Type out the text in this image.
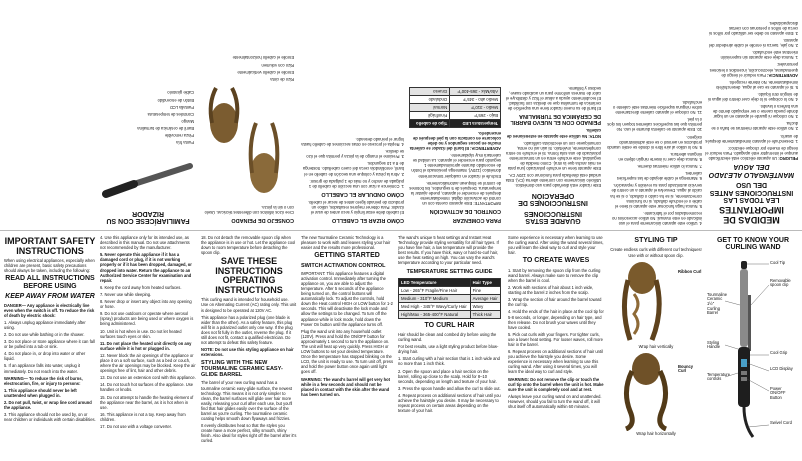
MEDIDAS DE IMPORTANTES
LEA TODAS LAS INSTRUCCIONES ANTES DEL USO
MANTÉNGALO ALEJADO DEL AGUA

PELIGRO: Un aparato eléctrico está electrificado aunque el interruptor esté apagado. Para reducir el riesgo de muerte por choque eléctrico:

1. Desenchufe el aparato inmediatamente después de usarlo.

2. No utilice este aparato mientras se baña o se ducha.

3. No coloque ni guarde el aparato en un lugar donde pueda caerse o ser empujado dentro de una bañera o lavabo.

4. No lo coloque ni lo deje caer dentro del agua ni de ningún otro líquido.

5. Si el aparato se cae al agua, desenchúfelo inmediatamente. No intente recogerlo.

ADVERTENCIA: Para reducir el riesgo de quemaduras, electrocución, incendios o lesiones personales:

1. Nunca deje este aparato sin supervisión mientras esté enchufado.

2. No jale, tuerza ni enrolle el cable alrededor del aparato.

3. Este aparato no debe ser utilizado por niños ni cerca de niños o personas con ciertas discapacidades.

4. Utilice este aparato únicamente para el uso indicado en este manual. No utilice accesorios no recomendados por el fabricante.

5. Nunca haga funcionar este aparato si tiene el cable o el enchufe dañado, si no funciona correctamente, si se ha caído o dañado, o si se ha caído al agua. Devuelva el aparato a un centro de servicio autorizado para su revisión y reparación.

6. Mantenga el cable alejado de las superficies calientes.

7. Nunca lo utilice mientras duerme.

8. Nunca deje caer ni inserte ningún objeto en ninguna abertura.

9. No lo utilice al aire libre ni donde se estén usando productos en aerosol o se esté administrando oxígeno.

10. Este aparato se calienta durante el uso. No permita que las superficies calientes toquen los ojos o la piel.

11. No coloque el aparato caliente directamente sobre ninguna superficie mientras esté caliente o enchufado.

GUARDE ESTAS INSTRUCCIONES
INSTRUCCIONES DE OPERACIÓN

Este rizador está diseñado para uso doméstico. Utilícelo únicamente con corriente alterna (CA). Esta unidad está diseñada para funcionar con 120V CA.

Este aparato tiene un enchufe polarizado (una pata es más ancha que la otra). Como medida de seguridad, este enchufe entra en un tomacorriente polarizado de una sola forma. Si el enchufe no entra completamente, inviértalo. Si aún así no entra, comuníquese con un electricista calificado.

NOTA: No utilice este aparato en extensiones de cabello.

PEINADO CON EL NUEVO BARRIL DE CERÁMICA DE TURMALINA

El barril de su nuevo rizador tiene una superficie de cerámica de turmalina que se desliza con facilidad. El recubrimiento ayuda a alisar el frizz y distribuye el calor de manera uniforme para un acabado suave, sedoso y brillante.

PARA COMENZAR
CONTROL DE ACTIVACIÓN

IMPORTANTE: Este aparato cuenta con un control de activación digital. Inmediatamente después de encender el aparato, puede ajustar la temperatura. Después de 5 segundos, los botones de control se bloquean automáticamente.

Enchufe el rizador en cualquier tomacorriente doméstico (120V). Mantenga presionado el botón de encendido durante aproximadamente 1 segundo para encender el aparato. La unidad se calentará muy rápidamente.

ADVERTENCIA: El barril del rizador se calienta mucho en pocos segundos y no debe colocarse en contacto con la piel después de encenderlo.

Temperatura LED	Tipo de cabello
Bajo - 265°F	Fino/frágil
Medio - 310°F	Normal
Medio alto - 345°F	Ondulado
Alto/Máx - 365-400°F	Grueso
CÓMO RIZAR EL CABELLO

El cabello debe estar limpio y seco antes de usar el rizador. Para obtener mejores resultados, utilice un producto de peinado ligero antes de secar el cabello.

CÓMO ONDULAR EL CABELLO

1. Comience a rizar con una sección de cabello de 1 pulgada de ancho y no más de 1 pulgada de grosor.

2. Abra la pinza y coloque una sección de cabello en el barril, enrollándola cerca del cuero cabelludo. Sostenga de 8 a 10 segundos.

3. Presione el mango de la pinza y permita que el rizo se deslice.

4. Repita el proceso en otras secciones de cabello hasta lograr el peinado deseado.

CONSEJO DE PEINADO

Cree rizos infinitos con diferentes técnicas. Úselo con o sin la pinza.

Rizo de cinta

Enrolle el cabello verticalmente

Rizo con volumen

Enrolle el cabello horizontalmente

FAMILIARÍCESE CON SU RIZADOR

Punta fría

Pinza removible

Barril de cerámica de turmalina

Mango

Controles de temperatura

Pantalla LCD

Botón de encendido

Cable giratorio

IMPORTANT SAFETY INSTRUCTIONS

When using electrical appliances, especially when children are present, basic safety precautions should always be taken, including the following:

READ ALL INSTRUCTIONS BEFORE USING
KEEP AWAY FROM WATER

DANGER— Any appliance is electrically live even when the switch is off. To reduce the risk of death by electric shock:

1. Always unplug appliance immediately after using.

2. Do not use while bathing or in the shower.

3. Do not place or store appliance where it can fall or be pulled into a tub or sink.

4. Do not place in, or drop into water or other liquid.

5. If an appliance falls into water, unplug it immediately. Do not reach into the water.

WARNING— To reduce the risk of burns, electrocution, fire, or injury to persons:

1. This appliance should never be left unattended when plugged in.

2. Do not pull, twist, or wrap line cord around the appliance.

3. This appliance should not be used by, on or near children or individuals with certain disabilities.

4. Use this appliance only for its intended use, as described in this manual. Do not use attachments not recommended by the manufacturer.

5. Never operate this appliance if it has a damaged cord or plug, if it is not working properly or if it has been dropped, damaged, or dropped into water. Return the appliance to an Authorized Service Center for examination and repair.

6. Keep the cord away from heated surfaces.

7. Never use while sleeping.

8. Never drop or insert any object into any opening or hose.

9. Do not use outdoors or operate where aerosol (spray) products are being used or where oxygen is being administered.

10. Unit is hot when in use. Do not let heated surfaces touch eyes or skin.

11. Do not place the heated unit directly on any surface while it is hot or plugged in.

12. Never block the air openings of the appliance or place it on a soft surface, such as a bed or couch, where the air openings may be blocked. Keep the air openings free of lint, hair and other debris.

13. Do not use an extension cord with this appliance.

14. Do not touch hot surfaces of the appliance. Use handles or knobs.

15. Do not attempt to handle the heating element of the appliance near the barrel, as it is hot when in use.

16. This appliance is not a toy. Keep away from children.

17. Do not use with a voltage converter.

18. Do not detach the removable spoon clip when the appliance is in use or hot. Let the appliance cool down to room temperature before detaching the spoon clip.

SAVE THESE INSTRUCTIONS OPERATING INSTRUCTIONS

This curling wand is intended for household use. Use on Alternating Current (AC) rating only. This unit is designed to be operated at 120V AC.

This appliance has a polarized plug (one blade is wider than the other). As a safety feature, this plug will fit in a polarized outlet only one way. If the plug does not fit fully in the outlet, reverse the plug. If it still does not fit, contact a qualified electrician. Do not attempt to defeat this safety feature.

NOTE: Do not use this styling appliance on hair extensions.

STYLING WITH THE NEW TOURMALINE CERAMIC EASY-GLIDE BARREL

The barrel of your new curling wand has a tourmaline ceramic easy-glide surface, the newest technology. This means it is not only simpler to clean, the barrel surfaces will glide over hair more easily, releasing your curl after each use, but you'll find that hair glides easily over the surface of the barrel as you're curling. The tourmaline ceramic coating helps smooth down flyaways and frizzies.

It evenly distributes heat so that the styles you create have a more perfect, silky smooth, shiny finish. Also ideal for styles right off the barrel after it's curled.

The new Tourmaline Ceramic Technology is a pleasure to work with and leaves styling your hair easier and the results more professional.

GETTING STARTED
SWITCH ACTIVATION CONTROL

IMPORTANT: This appliance features a digital activation control. Immediately after turning the appliance on, you are able to adjust the temperature. After 5 seconds of the appliance being turned on, the control buttons will automatically lock. To adjust the controls, hold down the Heat control HIGH or LOW button for 1-2 seconds. This will deactivate the lock mode and allow the settings to be changed. To turn off the appliance while in lock mode, hold down the Power On button until the appliance turns off.

Plug the wand unit into any household outlet (120V). Press and hold the ON/OFF button for approximately 1 second to turn the appliance on. The unit will heat up very quickly. Press HIGH or LOW buttons to set your desired temperature. Once the temperature has stopped blinking on the LCD, the unit is ready to use. To turn unit off, press and hold the power button once again until light goes off.

WARNING: The wand's barrel will get very hot while in a few seconds and should not be placed in contact with the skin after the wand has been turned on.

The wand's unique 5 heat settings and Instant Heat Technology provide styling versatility for all hair types. If you have fine hair, a low temperature will provide the best results. If you have thick, wavy or hard-to-curl hair, use the heat setting on high. You can vary the wand's temperature according to your particular need.

TEMPERATURE SETTING GUIDE
LED Temperature	Hair Type
Low - 265°F Fragile/Fine Hair	Fine
Medium - 310°F Medium	Average Hair
Med High - 345°F Wavy/Curly Hair	Wavy
High/Max - 365-400°F Natural	Thick Hair
TO CURL HAIR

Hair should be clean and combed dry before using the curling wand.

For best results, use a light styling product before blow-drying hair.

1. Start curling with a hair section that is 1 inch wide and no more than 1 inch thick.

2. Open the spoon and place a hair section on the barrel, rolling up close to the scalp. Hold for 8–10 seconds, depending on length and texture of your hair.

3. Press the spoon handle and allow the curl to slide out.

4. Repeat process on additional sections of hair until you achieve the hairstyle you desire. It may be necessary to repeat process on certain areas depending on the texture of your hair.

Some experience is necessary when learning to use the curling wand. After using the wand several times, you will learn the ideal way to curl and style your hair.

TO CREATE WAVES

1. Start by removing the spoon clip from the curling wand barrel. Always make sure to remove the clip when the barrel is cool.

2. Work with sections of hair about 1 inch wide, starting at the barrel 2 inches from the scalp.

3. Wrap the section of hair around the barrel toward the curl tip.

4. Hold the ends of the hair in place at the cool tip for 5-8 seconds, or longer, depending on hair type, and then release. Do not brush your waves until they have cooled.

5. Pick out curls with your fingers. For tighter curls, use a lower heat setting. For looser waves, roll more hair in the barrel.

6. Repeat process on additional sections of hair until you achieve the hairstyle you desire. Some experience is necessary when learning to use this curling wand. After using it several times, you will learn the ideal way to curl and style.

WARNING: Do not remove the clip or touch the curl tip onto the barrel when the unit is hot. Make sure the unit is completely cool and at rest.

Always leave your curling wand on and unattended. However, should you fail to turn the wand off, it will shut itself off automatically within 60 minutes.

STYLING TIP

Create endless curls with different curl techniques! Use with or without spoon clip.

Ribbon Curl

Wrap hair vertically

Bouncy Curl

Wrap hair horizontally

GET TO KNOW YOUR CURLING WAND
Cool Tip
Removable spoon clip
Tourmaline Ceramic 1½" Curling Barrel
Styling Handle
Cool Grip
Temperature controls
LCD Display
Power ON/OFF Button
Swivel Cord
